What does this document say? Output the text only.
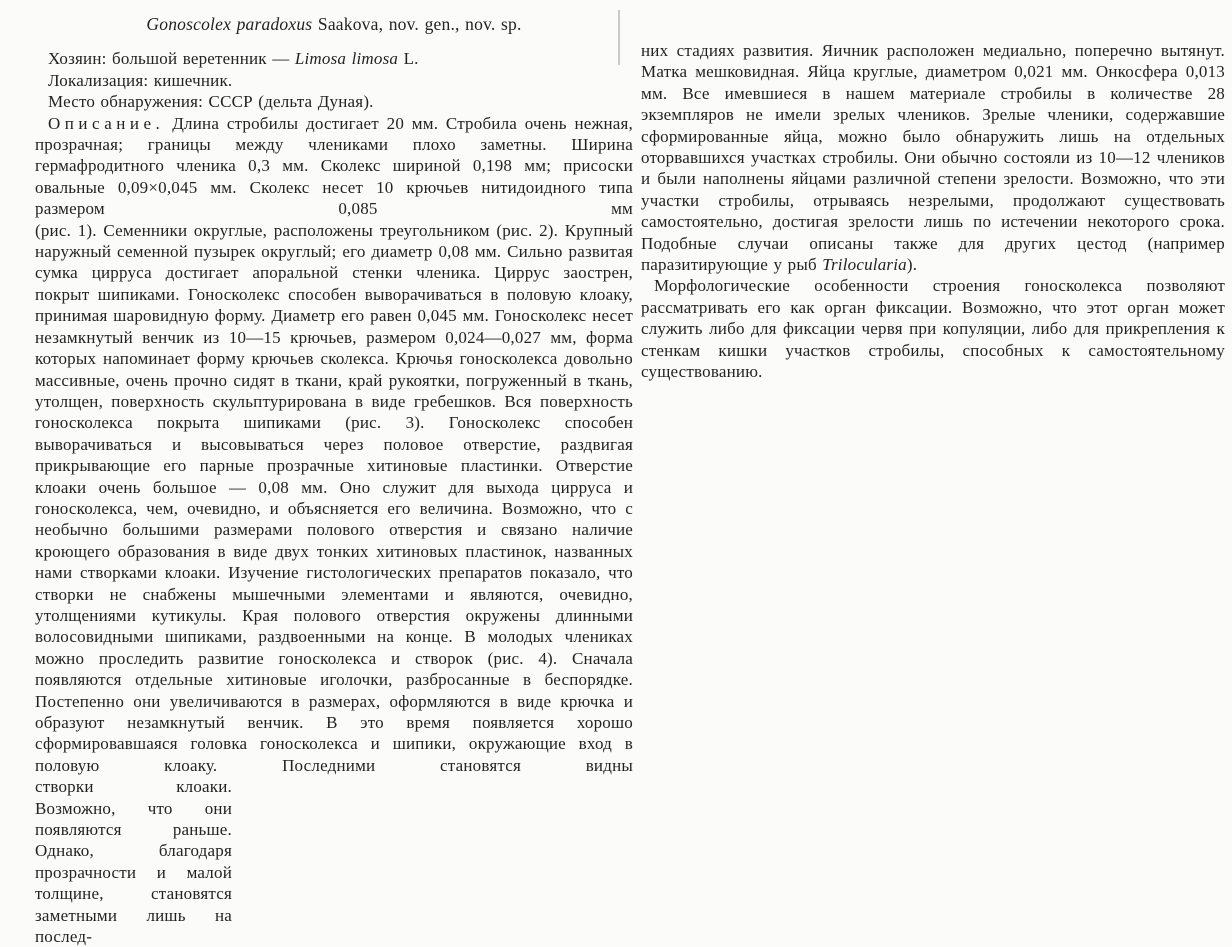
Gonoscolex paradoxus Saakova, nov. gen., nov. sp.

Хозяин: большой веретенник — Limosa limosa L.

Локализация: кишечник.

Место обнаружения: СССР (дельта Дуная).

Описание. Длина стробилы достигает 20 мм. Стробила очень нежная, прозрачная; границы между члениками плохо заметны. Ширина

гермафродитного членика 0,3 мм. Сколекс шириной 0,198 мм; присоски овальные 0,09×0,045 мм. Сколекс несет 10 крючьев нитидоидного типа размером 0,085 мм
(рис. 1). Семенники округлые, расположены треугольником (рис. 2). Крупный наружный семенной пузырек округлый; его диаметр 0,08 мм. Сильно развитая сумка цирруса достигает апоральной стенки членика. Циррус заострен, покрыт шипиками. Гоносколекс способен выворачиваться в половую клоаку, принимая шаровидную форму. Диаметр его равен 0,045 мм. Гоносколекс несет незамкнутый венчик из 10—15 крючьев, размером 0,024—0,027 мм, форма которых напоминает форму крючьев сколекса. Крючья гоносколекса довольно массивные, очень прочно сидят в ткани, край рукоятки, погруженный в ткань, утолщен, поверхность скульптурирована в виде гребешков. Вся поверхность гоносколекса покрыта шипиками (рис. 3). Гоносколекс способен выворачиваться и высовываться через половое отверстие, раздвигая прикрывающие его парные прозрачные хитиновые пластинки. Отверстие клоаки очень большое — 0,08 мм. Оно служит для выхода цирруса и гоносколекса, чем, очевидно, и объясняется его величина. Возможно, что с необычно большими размерами полового отверстия и связано наличие кроющего образования в виде двух тонких хитиновых пластинок, названных нами створками клоаки. Изучение гистологических препаратов показало, что створки не снабжены мышечными элементами и являются, очевидно, утолщениями кутикулы. Края полового отверстия окружены длинными волосовидными шипиками, раздвоенными на конце. В молодых члениках можно проследить развитие гоносколекса и створок (рис. 4). Сначала появляются отдельные хитиновые иголочки, разбросанные в беспорядке. Постепенно они увеличиваются в размерах, оформляются в виде крючка и образуют незамкнутый венчик. В это время появляется хорошо сформировавшаяся головка гоносколекса и шипики, окружающие вход в половую клоаку. Последними становятся видны
створки клоаки. Возможно, что они появляются раньше. Однако, благодаря прозрачности и малой толщине, становятся заметными лишь на послед-

них стадиях развития. Яичник расположен медиально, поперечно вытянут. Матка мешковидная. Яйца круглые, диаметром 0,021 мм. Онкосфера 0,013 мм. Все имевшиеся в нашем материале стробилы в количестве 28 экземпляров не имели зрелых члеников. Зрелые членики, содержавшие сформированные яйца, можно было обнаружить лишь на отдельных оторвавшихся участках стробилы. Они обычно состояли из 10—12 члеников и были наполнены яйцами различной степени зрелости. Возможно, что эти участки стробилы, отрываясь незрелыми, продолжают существовать самостоятельно, достигая зрелости лишь по истечении некоторого срока. Подобные случаи описаны также для других цестод (например паразитирующие у рыб Trilocularia).

Морфологические особенности строения гоносколекса позволяют рассматривать его как орган фиксации. Возможно, что этот орган может служить либо для фиксации червя при копуляции, либо для прикрепления к стенкам кишки участков стробилы, способных к самостоятельному существованию.
